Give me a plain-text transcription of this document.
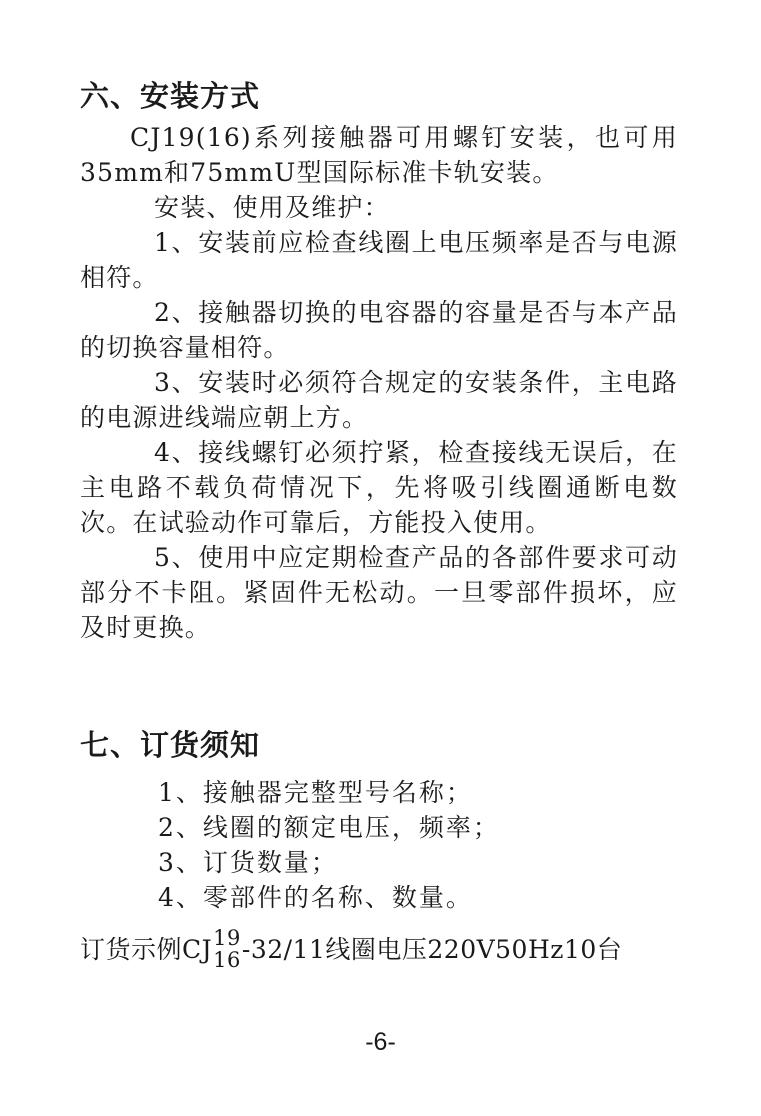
六、安装方式

CJ19(16)系列接触器可用螺钉安装，也可用35mm和75mmU型国际标准卡轨安装。

安装、使用及维护：

1、安装前应检查线圈上电压频率是否与电源相符。

2、接触器切换的电容器的容量是否与本产品的切换容量相符。

3、安装时必须符合规定的安装条件，主电路的电源进线端应朝上方。

4、接线螺钉必须拧紧，检查接线无误后，在主电路不载负荷情况下，先将吸引线圈通断电数次。在试验动作可靠后，方能投入使用。

5、使用中应定期检查产品的各部件要求可动部分不卡阻。紧固件无松动。一旦零部件损坏，应及时更换。

七、订货须知
1、接触器完整型号名称；
2、线圈的额定电压，频率；
3、订货数量；
4、零部件的名称、数量。
订货示例CJ 19
16 -32/11线圈电压220V50Hz10台
-6-
